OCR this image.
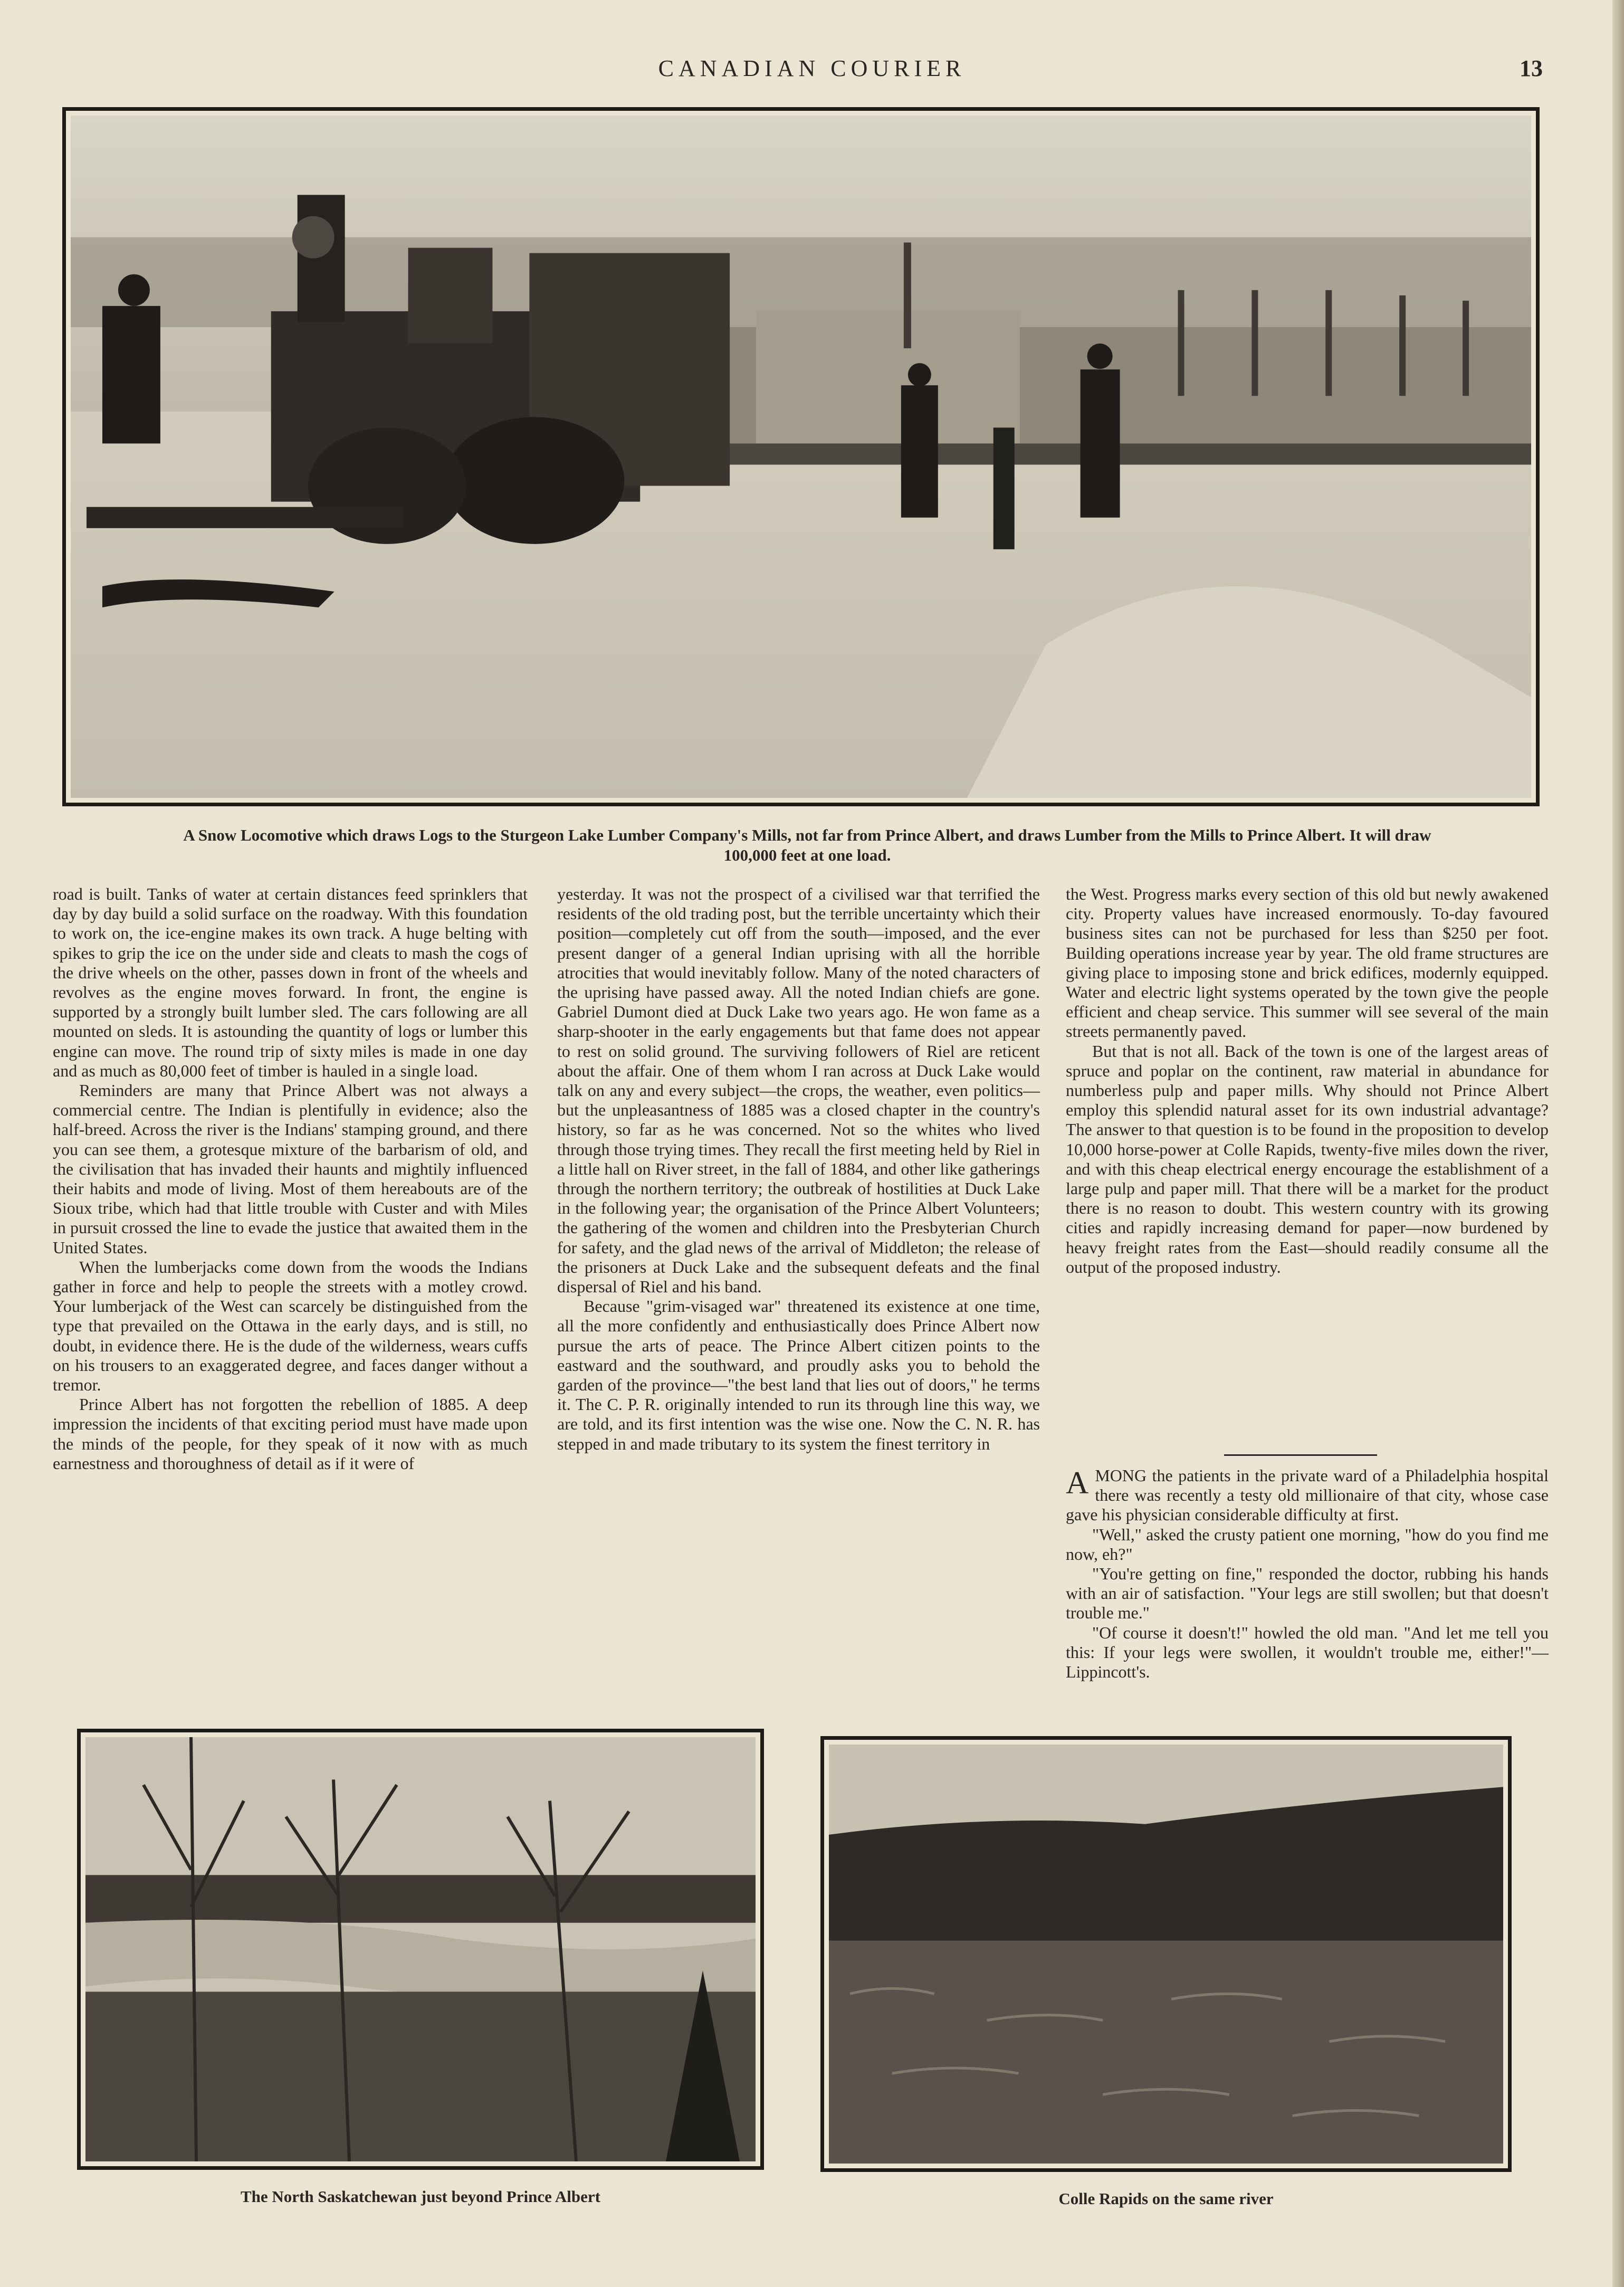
CANADIAN COURIER	13
A Snow Locomotive which draws Logs to the Sturgeon Lake Lumber Company's Mills, not far from Prince Albert, and draws Lumber from the Mills to Prince Albert. It will draw 100,000 feet at one load.

road is built. Tanks of water at certain distances feed sprinklers that day by day build a solid surface on the roadway. With this foundation to work on, the ice-engine makes its own track. A huge belting with spikes to grip the ice on the under side and cleats to mash the cogs of the drive wheels on the other, passes down in front of the wheels and revolves as the engine moves forward. In front, the engine is supported by a strongly built lumber sled. The cars following are all mounted on sleds. It is astounding the quantity of logs or lumber this engine can move. The round trip of sixty miles is made in one day and as much as 80,000 feet of timber is hauled in a single load.

Reminders are many that Prince Albert was not always a commercial centre. The Indian is plentifully in evidence; also the half-breed. Across the river is the Indians' stamping ground, and there you can see them, a grotesque mixture of the barbarism of old, and the civilisation that has invaded their haunts and mightily influenced their habits and mode of living. Most of them hereabouts are of the Sioux tribe, which had that little trouble with Custer and with Miles in pursuit crossed the line to evade the justice that awaited them in the United States.

When the lumberjacks come down from the woods the Indians gather in force and help to people the streets with a motley crowd. Your lumberjack of the West can scarcely be distinguished from the type that prevailed on the Ottawa in the early days, and is still, no doubt, in evidence there. He is the dude of the wilderness, wears cuffs on his trousers to an exaggerated degree, and faces danger without a tremor.

Prince Albert has not forgotten the rebellion of 1885. A deep impression the incidents of that exciting period must have made upon the minds of the people, for they speak of it now with as much earnestness and thoroughness of detail as if it were of

yesterday. It was not the prospect of a civilised war that terrified the residents of the old trading post, but the terrible uncertainty which their position—completely cut off from the south—imposed, and the ever present danger of a general Indian uprising with all the horrible atrocities that would inevitably follow. Many of the noted characters of the uprising have passed away. All the noted Indian chiefs are gone. Gabriel Dumont died at Duck Lake two years ago. He won fame as a sharp-shooter in the early engagements but that fame does not appear to rest on solid ground. The surviving followers of Riel are reticent about the affair. One of them whom I ran across at Duck Lake would talk on any and every subject—the crops, the weather, even politics—but the unpleasantness of 1885 was a closed chapter in the country's history, so far as he was concerned. Not so the whites who lived through those trying times. They recall the first meeting held by Riel in a little hall on River street, in the fall of 1884, and other like gatherings through the northern territory; the outbreak of hostilities at Duck Lake in the following year; the organisation of the Prince Albert Volunteers; the gathering of the women and children into the Presbyterian Church for safety, and the glad news of the arrival of Middleton; the release of the prisoners at Duck Lake and the subsequent defeats and the final dispersal of Riel and his band.

Because "grim-visaged war" threatened its existence at one time, all the more confidently and enthusiastically does Prince Albert now pursue the arts of peace. The Prince Albert citizen points to the eastward and the southward, and proudly asks you to behold the garden of the province—"the best land that lies out of doors," he terms it. The C. P. R. originally intended to run its through line this way, we are told, and its first intention was the wise one. Now the C. N. R. has stepped in and made tributary to its system the finest territory in

the West. Progress marks every section of this old but newly awakened city. Property values have increased enormously. To-day favoured business sites can not be purchased for less than $250 per foot. Building operations increase year by year. The old frame structures are giving place to imposing stone and brick edifices, modernly equipped. Water and electric light systems operated by the town give the people efficient and cheap service. This summer will see several of the main streets permanently paved.

But that is not all. Back of the town is one of the largest areas of spruce and poplar on the continent, raw material in abundance for numberless pulp and paper mills. Why should not Prince Albert employ this splendid natural asset for its own industrial advantage? The answer to that question is to be found in the proposition to develop 10,000 horse-power at Colle Rapids, twenty-five miles down the river, and with this cheap electrical energy encourage the establishment of a large pulp and paper mill. That there will be a market for the product there is no reason to doubt. This western country with its growing cities and rapidly increasing demand for paper—now burdened by heavy freight rates from the East—should readily consume all the output of the proposed industry.

AMONG the patients in the private ward of a Philadelphia hospital there was recently a testy old millionaire of that city, whose case gave his physician considerable difficulty at first.

"Well," asked the crusty patient one morning, "how do you find me now, eh?"

"You're getting on fine," responded the doctor, rubbing his hands with an air of satisfaction. "Your legs are still swollen; but that doesn't trouble me."

"Of course it doesn't!" howled the old man. "And let me tell you this: If your legs were swollen, it wouldn't trouble me, either!"—Lippincott's.

The North Saskatchewan just beyond Prince Albert	Colle Rapids on the same river
